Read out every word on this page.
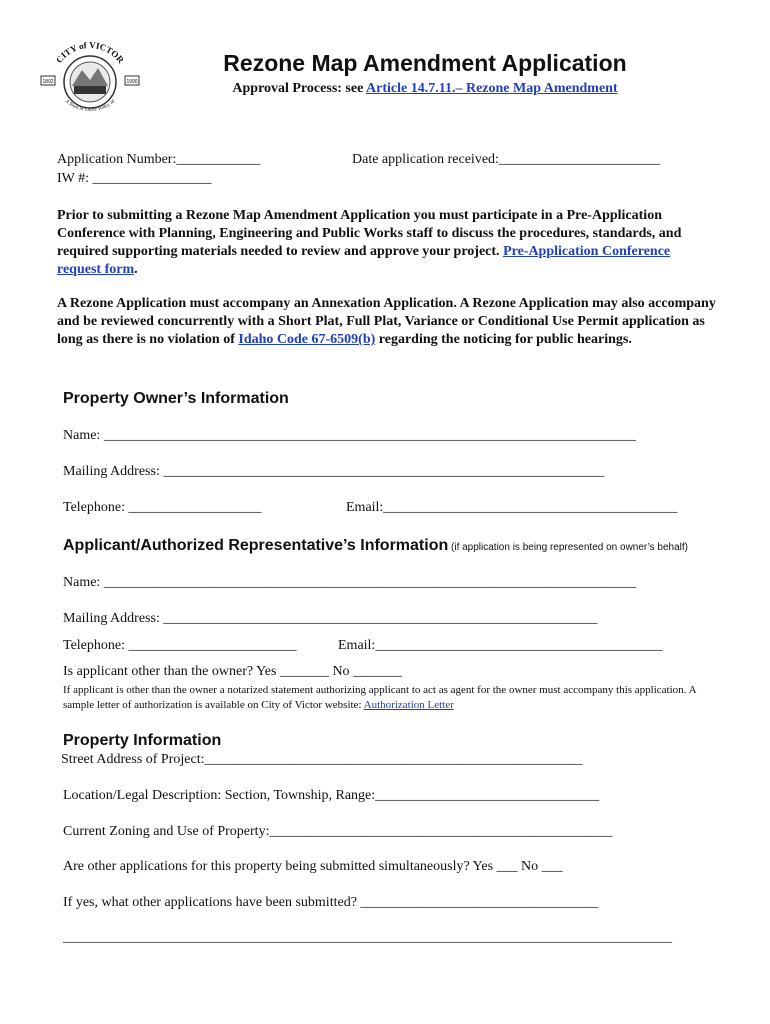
CITY of VICTOR
1892	1990
A Town in Cache Valley, Id
Rezone Map Amendment Application
Approval Process: see Article 14.7.11.– Rezone Map Amendment
Application Number:____________	Date application received:_______________________
IW #: _________________
Prior to submitting a Rezone Map Amendment Application you must participate in a Pre-Application Conference with Planning, Engineering and Public Works staff to discuss the procedures, standards, and required supporting materials needed to review and approve your project. Pre-Application Conference request form.
A Rezone Application must accompany an Annexation Application. A Rezone Application may also accompany and be reviewed concurrently with a Short Plat, Full Plat, Variance or Conditional Use Permit application as long as there is no violation of Idaho Code 67-6509(b) regarding the noticing for public hearings.
Property Owner’s Information
Name: ____________________________________________________________________________
Mailing Address: _______________________________________________________________
Telephone: ___________________	Email:__________________________________________
Applicant/Authorized Representative’s Information (if application is being represented on owner’s behalf)
Name: ____________________________________________________________________________
Mailing Address: ______________________________________________________________
Telephone: ________________________	Email:_________________________________________
Is applicant other than the owner? Yes _______ No _______
If applicant is other than the owner a notarized statement authorizing applicant to act as agent for the owner must accompany this application. A sample letter of authorization is available on City of Victor website: Authorization Letter
Property Information
Street Address of Project:______________________________________________________
Location/Legal Description: Section, Township, Range:________________________________
Current Zoning and Use of Property:_________________________________________________
Are other applications for this property being submitted simultaneously? Yes ___ No ___
If yes, what other applications have been submitted? __________________________________
_______________________________________________________________________________________
